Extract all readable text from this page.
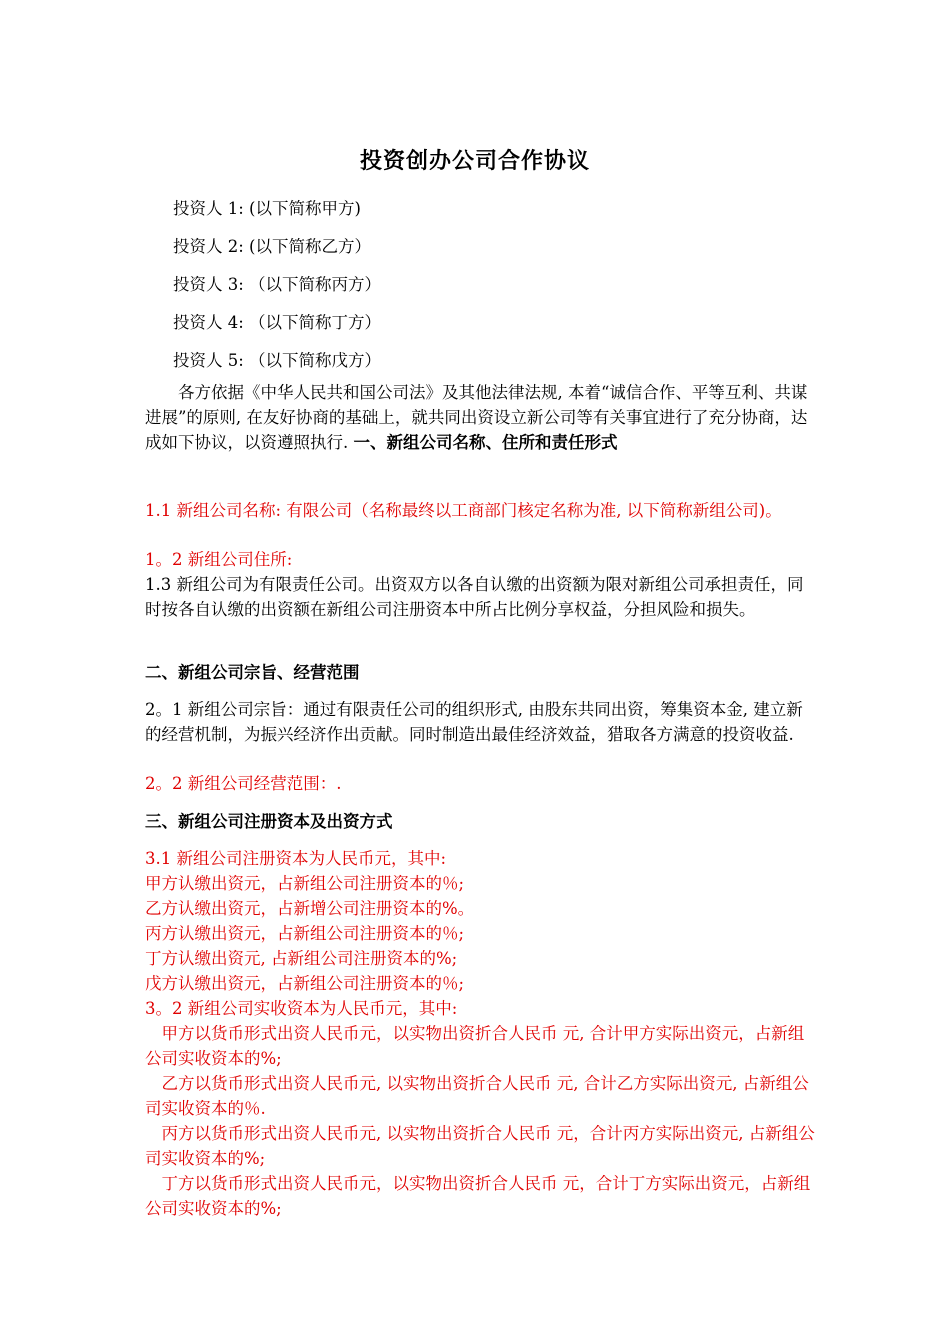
投资创办公司合作协议
投资人 1: (以下简称甲方)
投资人 2: (以下简称乙方）
投资人 3: （以下简称丙方）
投资人 4: （以下简称丁方）
投资人 5: （以下简称戊方）

各方依据《中华人民共和国公司法》及其他法律法规, 本着“诚信合作、平等互利、共谋进展”的原则, 在友好协商的基础上，就共同出资设立新公司等有关事宜进行了充分协商，达成如下协议，以资遵照执行. 一、新组公司名称、住所和责任形式

1.1 新组公司名称: 有限公司（名称最终以工商部门核定名称为准, 以下简称新组公司)。

1。2 新组公司住所:

1.3 新组公司为有限责任公司。出资双方以各自认缴的出资额为限对新组公司承担责任，同时按各自认缴的出资额在新组公司注册资本中所占比例分享权益，分担风险和损失。

二、新组公司宗旨、经营范围

2。1 新组公司宗旨：通过有限责任公司的组织形式, 由股东共同出资，筹集资本金, 建立新的经营机制，为振兴经济作出贡献。同时制造出最佳经济效益，猎取各方满意的投资收益.

2。2 新组公司经营范围：.

三、新组公司注册资本及出资方式

3.1 新组公司注册资本为人民币元，其中:

甲方认缴出资元，占新组公司注册资本的％;

乙方认缴出资元，占新增公司注册资本的%。

丙方认缴出资元，占新组公司注册资本的％;

丁方认缴出资元, 占新组公司注册资本的%;

戊方认缴出资元，占新组公司注册资本的％;

3。2 新组公司实收资本为人民币元，其中:

甲方以货币形式出资人民币元，以实物出资折合人民币 元, 合计甲方实际出资元，占新组公司实收资本的%;

乙方以货币形式出资人民币元, 以实物出资折合人民币 元, 合计乙方实际出资元, 占新组公司实收资本的％.

丙方以货币形式出资人民币元, 以实物出资折合人民币 元，合计丙方实际出资元, 占新组公司实收资本的%;

丁方以货币形式出资人民币元，以实物出资折合人民币 元，合计丁方实际出资元，占新组公司实收资本的%;
